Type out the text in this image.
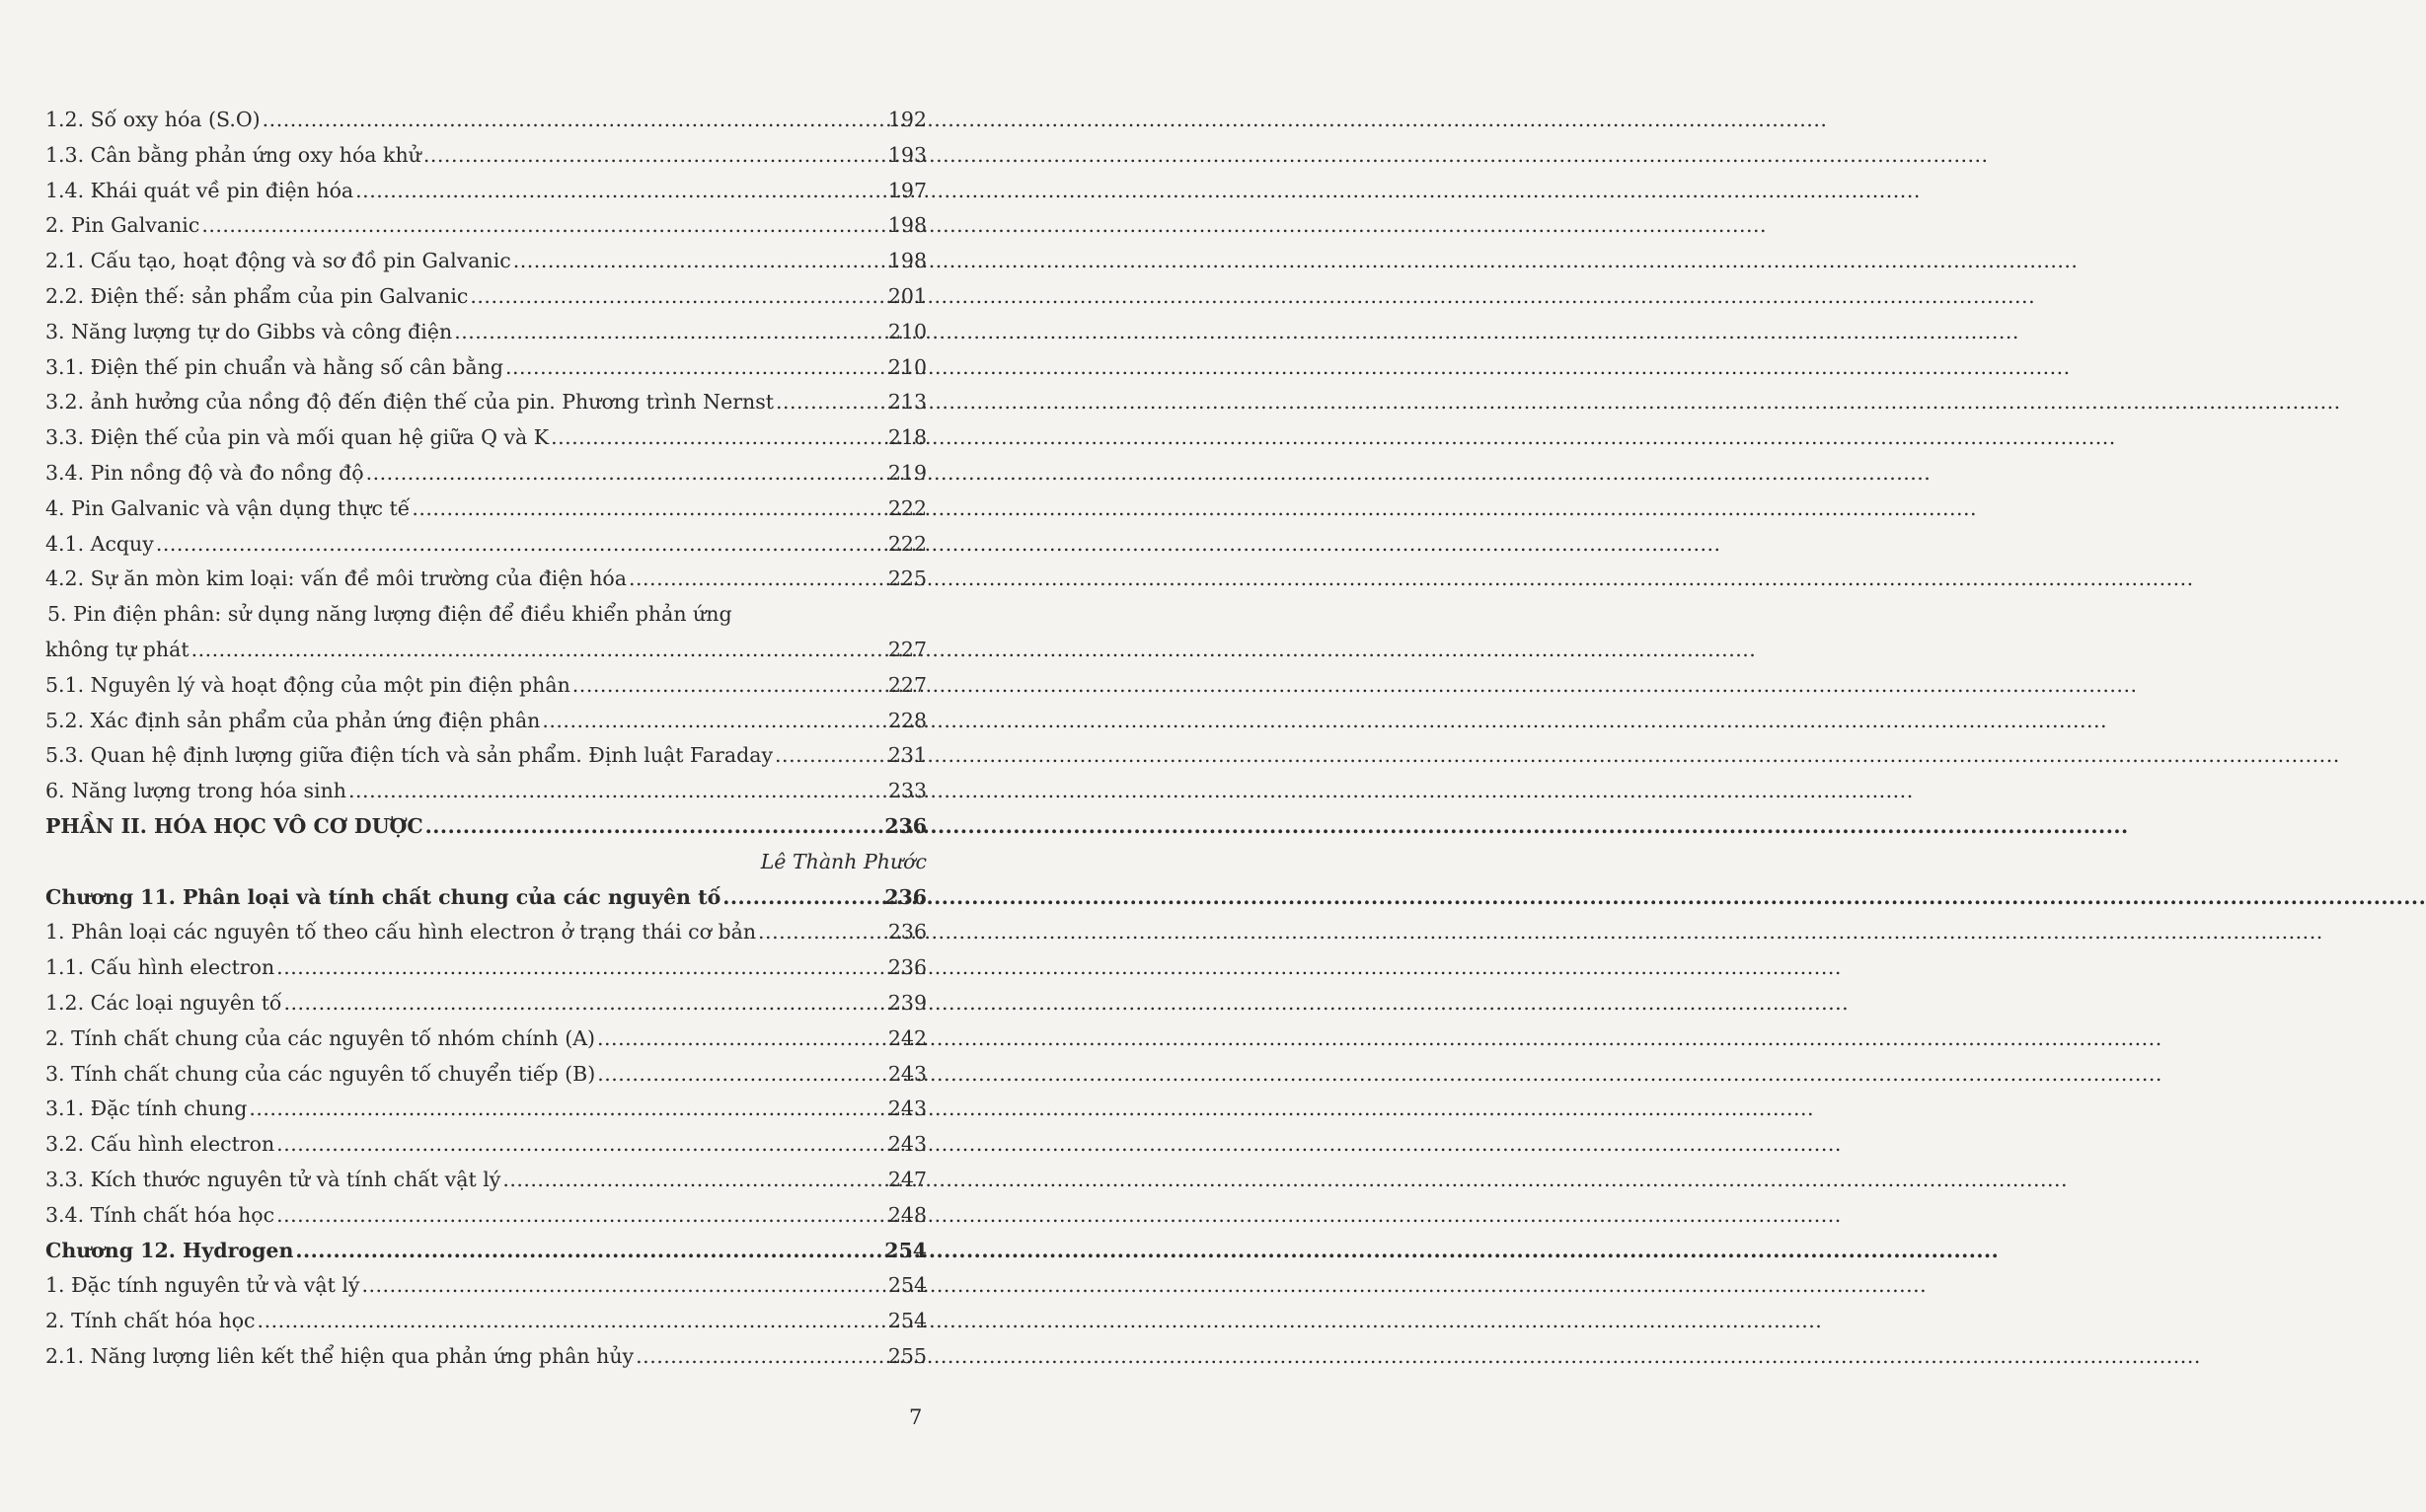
1.2. Số oxy hóa (S.O) .....	192
1.3. Cân bằng phản ứng oxy hóa khử .....	193
1.4. Khái quát về pin điện hóa .....	197
2. Pin Galvanic .....	198
2.1. Cấu tạo, hoạt động và sơ đồ pin Galvanic .....	198
2.2. Điện thế: sản phẩm của pin Galvanic .....	201
3. Năng lượng tự do Gibbs và công điện .....	210
3.1. Điện thế pin chuẩn và hằng số cân bằng .....	210
3.2. ảnh hưởng của nồng độ đến điện thế của pin. Phương trình Nernst .....	213
3.3. Điện thế của pin và mối quan hệ giữa Q và K .....	218
3.4. Pin nồng độ và đo nồng độ .....	219
4. Pin Galvanic và vận dụng thực tế .....	222
4.1. Acquy .....	222
4.2. Sự ăn mòn kim loại: vấn đề môi trường của điện hóa .....	225
5. Pin điện phân: sử dụng năng lượng điện để điều khiển phản ứng
không tự phát .....	227
5.1. Nguyên lý và hoạt động của một pin điện phân .....	227
5.2. Xác định sản phẩm của phản ứng điện phân .....	228
5.3. Quan hệ định lượng giữa điện tích và sản phẩm. Định luật Faraday .....	231
6. Năng lượng trong hóa sinh .....	233
PHẦN II. HÓA HỌC VÔ CƠ DƯỢC .....	236
Lê Thành Phước
Chương 11. Phân loại và tính chất chung của các nguyên tố .....	236
1. Phân loại các nguyên tố theo cấu hình electron ở trạng thái cơ bản .....	236
1.1. Cấu hình electron .....	236
1.2. Các loại nguyên tố .....	239
2. Tính chất chung của các nguyên tố nhóm chính (A) .....	242
3. Tính chất chung của các nguyên tố chuyển tiếp (B) .....	243
3.1. Đặc tính chung .....	243
3.2. Cấu hình electron .....	243
3.3. Kích thước nguyên tử và tính chất vật lý .....	247
3.4. Tính chất hóa học .....	248
Chương 12. Hydrogen .....	254
1. Đặc tính nguyên tử và vật lý .....	254
2. Tính chất hóa học .....	254
2.1. Năng lượng liên kết thể hiện qua phản ứng phân hủy .....	255
7
